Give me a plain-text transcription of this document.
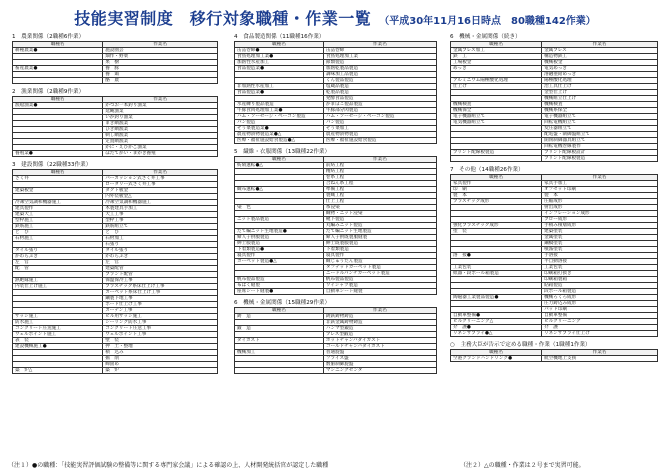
技能実習制度　移行対象職種・作業一覧 （平成30年11月16日時点　80職種142作業）
1　農業関係（2職種6作業）
職種名	作業名
耕種農業●	施設園芸
	畑作・野菜
	果　樹
畜産農業●	養　豚
	養　鶏
	酪　農
2　漁業関係（2職種9作業）
職種名	作業名
漁船漁業●	かつお一本釣り漁業
	延縄漁業
	いか釣り漁業
	まき網漁業
	ひき網漁業
	刺し網漁業
	定置網漁業
	かに・えびかご漁業
養殖業●	ほたてがい・まがき養殖
3　建設関係（22職種33作業）
職種名	作業名
さく井	パーカッション式さく井工事
	ロータリー式さく井工事
建築板金	ダクト板金
	内外装板金△
冷凍空気調和機器施工	冷凍空気調和機器施工
建具製作	木製建具手加工
建築大工	大工工事
型枠施工	型枠工事
鉄筋施工	鉄筋組立て
と　び	と　び
石材施工	石材加工
	石張り
タイル張り	タイル張り
かわらぶき	かわらぶき
左　官	左　官
配　管	建築配管
	プラント配管
熱絶縁施工	保温保冷工事
内装仕上げ施工	プラスチック系床仕上げ工事
	カーペット系床仕上げ工事
	鋼製下地工事
	ボード仕上げ工事
	カーテン工事
サッシ施工	ビル用サッシ施工
防水施工	シーリング防水工事
コンクリート圧送施工	コンクリート圧送工事
ウェルポイント施工	ウェルポイント工事
表　装	壁　装
建設機械施工●	押　土・整地
	積　込み
	掘　削
	締固め
築　炉△	築　炉
4　食品製造関係（11職種16作業）
職種名	作業名
缶詰巻締●	缶詰巻締
食鳥処理加工業●	食鳥処理加工業
加熱性水産加工	節類製造
食品製造業●	加熱乾製品製造
	調味加工品製造
	くん製品製造
非加熱性水産加工	塩蔵品製造
食品製造業●	乾製品製造
	発酵食品製造
水産練り製品製造	かまぼこ製品製造
牛豚食肉処理加工業●	牛豚部分肉製造
ハム・ソーセージ・ベーコン製造	ハム・ソーセージ・ベーコン製造
パン製造	パン製造
そう菜製造業●	そう菜加工
農産物漬物製造業●△	農産物漬物製造
医療・福祉施設給食製造●△	医療・福祉施設給食製造
5　繊維・衣服関係（13職種22作業）
職種名	作業名
紡績運転●△	前紡工程
	精紡工程
	巻糸工程
	合ねん糸工程
織布運転●△	準備工程
	製織工程
	仕上工程
染　色	糸浸染
	織物・ニット浸染
ニット製品製造	靴下製造
	丸編みニット製造
たて編ニット生地製造●	たて編ニット生地製造
婦人子供服製造	婦人子供既製服縫製
紳士服製造	紳士既製服製造
下着類製造●	下着類製造
寝具製作	寝具製作
カーペット製造●△	織じゅうたん製造
	タフテッドカーペット製造
	ニードルパンチカーペット製造
帆布製品製造	帆布製品製造
布はく縫製	ワイシャツ製造
座席シート縫製●	自動車シート縫製
6　機械・金属関係（15職種29作業）
職種名	作業名
鋳　造	鋳鉄鋳物鋳造
	非鉄金属鋳物鋳造
鍛　造	ハンマ型鍛造
	プレス型鍛造
ダイカスト	ホットチャンバダイカスト
	コールドチャンバダイカスト
機械加工	普通旋盤
	フライス盤
	数値制御旋盤
	マシニングセンタ
6　機械・金属関係（続き）
職種名	作業名
金属プレス加工	金属プレス
鉄　工	構造物鉄工
工場板金	機械板金
めっき	電気めっき
	溶融亜鉛めっき
アルミニウム陽極酸化処理	陽極酸化処理
仕上げ	治工具仕上げ
	金型仕上げ
	機械組立仕上げ
機械検査	機械検査
機械保全	機械系保全
電子機器組立て	電子機器組立て
電気機器組立て	回転電機組立て
	変圧器組立て
	配電盤・制御盤組立て
	開閉制御器具組立て
	回転電機巻線製作
プリント配線板製造	プリント配線板設計
	プリント配線板製造
7　その他（14職種26作業）
職種名	作業名
家具製作	家具手加工
印　刷	オフセット印刷
製　本	製　本
プラスチック成形	圧縮成形
	射出成形
	インフレーション成形
	ブロー成形
強化プラスチック成形	手積み積層成形
塗　装	建築塗装
	金属塗装
	鋼橋塗装
	噴霧塗装
溶　接●	手溶接
	半自動溶接
工業包装	工業包装
紙器・段ボール箱製造	印刷箱打抜き
	印刷箱製箱
	貼箱製造
	段ボール箱製造
陶磁器工業製品製造●	機械ろくろ成形
	圧力鋳込み成形
	パッド印刷
自動車整備●	自動車整備
ビルクリーニング△	ビルクリーニング
介　護●	介　護
リネンサプライ●△	リネンサプライ仕上げ
○　主務大臣が告示で定める職種・作業（1職種1作業）
職種名	作業名
空港グランドハンドリング●	航空機地上支援
（注１）●の職種：「技能実習評価試験の整備等に関する専門家会議」による確認の上、人材開発統括官が認定した職種	（注２）△の職種・作業は２号まで実習可能。
